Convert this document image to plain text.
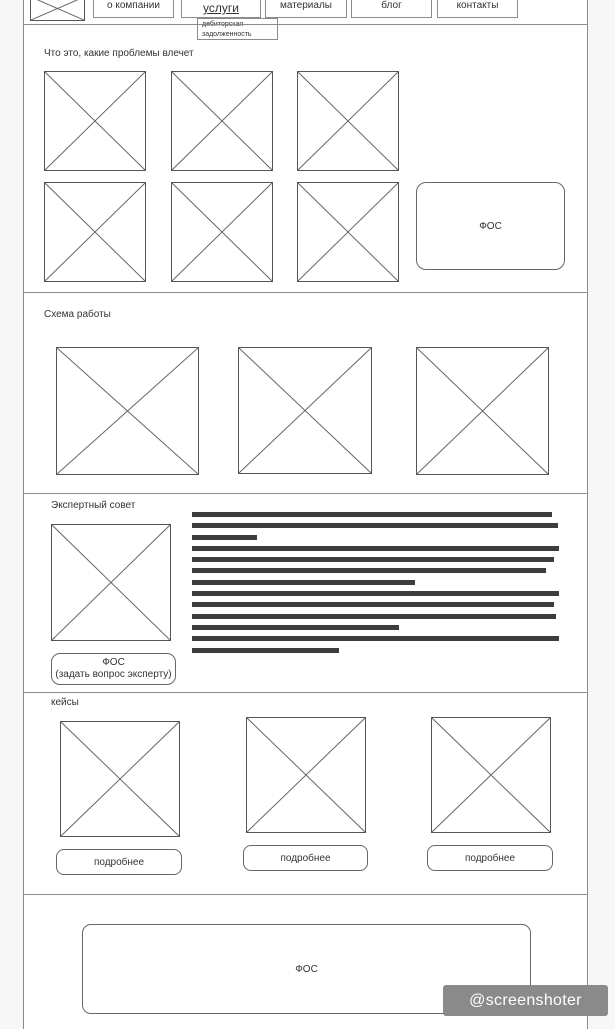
о компании	услуги	материалы	блог	контакты
задолженность
Что это, какие проблемы влечет
ФОС
Схема работы
Экспертный совет
ФОС
(задать вопрос эксперту)
кейсы
подробнее	подробнее	подробнее
ФОС
@screenshoter
